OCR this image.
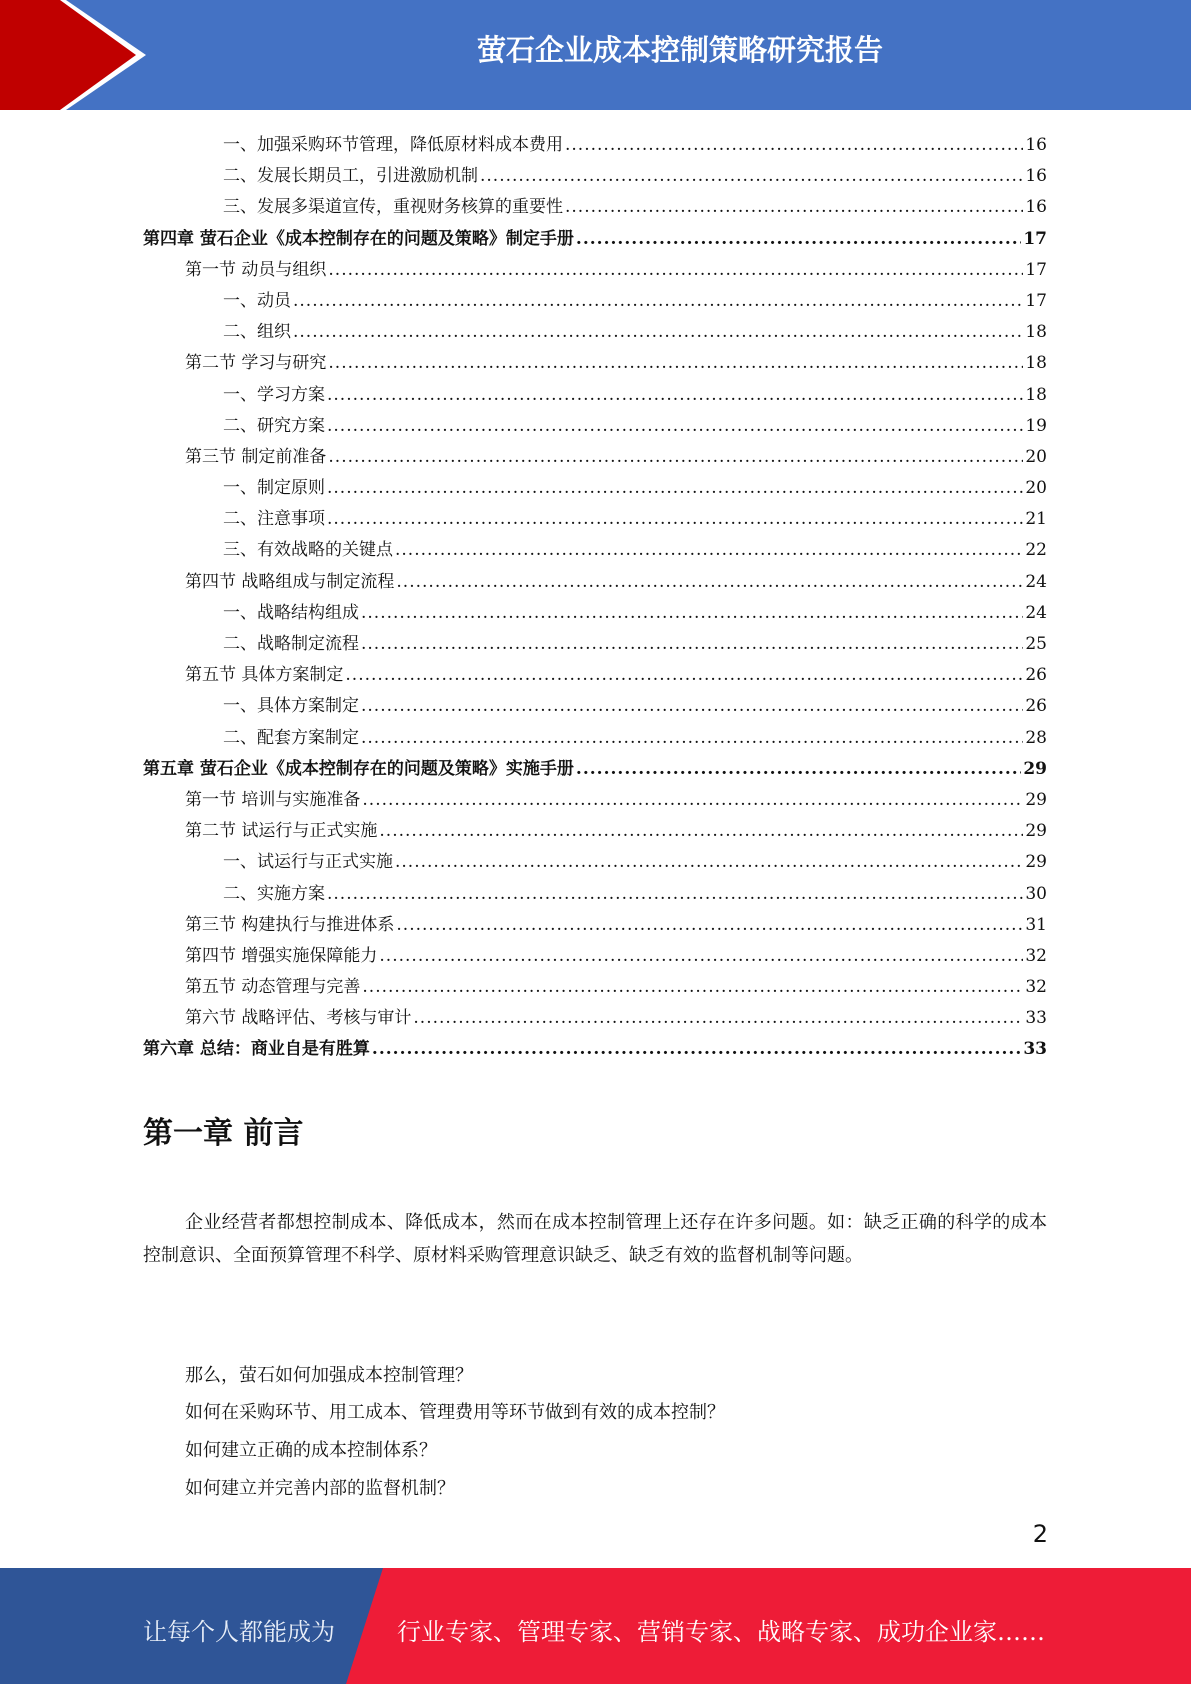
萤石企业成本控制策略研究报告
一、加强采购环节管理，降低原材料成本费用 .....	16
二、发展长期员工，引进激励机制 .....	16
三、发展多渠道宣传，重视财务核算的重要性 .....	16
第四章 萤石企业《成本控制存在的问题及策略》制定手册 .....	17
第一节 动员与组织 .....	17
一、动员 .....	17
二、组织 .....	18
第二节 学习与研究 .....	18
一、学习方案 .....	18
二、研究方案 .....	19
第三节 制定前准备 .....	20
一、制定原则 .....	20
二、注意事项 .....	21
三、有效战略的关键点 .....	22
第四节 战略组成与制定流程 .....	24
一、战略结构组成 .....	24
二、战略制定流程 .....	25
第五节 具体方案制定 .....	26
一、具体方案制定 .....	26
二、配套方案制定 .....	28
第五章 萤石企业《成本控制存在的问题及策略》实施手册 .....	29
第一节 培训与实施准备 .....	29
第二节 试运行与正式实施 .....	29
一、试运行与正式实施 .....	29
二、实施方案 .....	30
第三节 构建执行与推进体系 .....	31
第四节 增强实施保障能力 .....	32
第五节 动态管理与完善 .....	32
第六节 战略评估、考核与审计 .....	33
第六章 总结：商业自是有胜算 .....	33
第一章 前言
企业经营者都想控制成本、降低成本，然而在成本控制管理上还存在许多问题。如：缺乏正确的科学的成本控制意识、全面预算管理不科学、原材料采购管理意识缺乏、缺乏有效的监督机制等问题。
那么，萤石如何加强成本控制管理？
如何在采购环节、用工成本、管理费用等环节做到有效的成本控制？
如何建立正确的成本控制体系？
如何建立并完善内部的监督机制？
2
让每个人都能成为	行业专家、管理专家、营销专家、战略专家、成功企业家……
